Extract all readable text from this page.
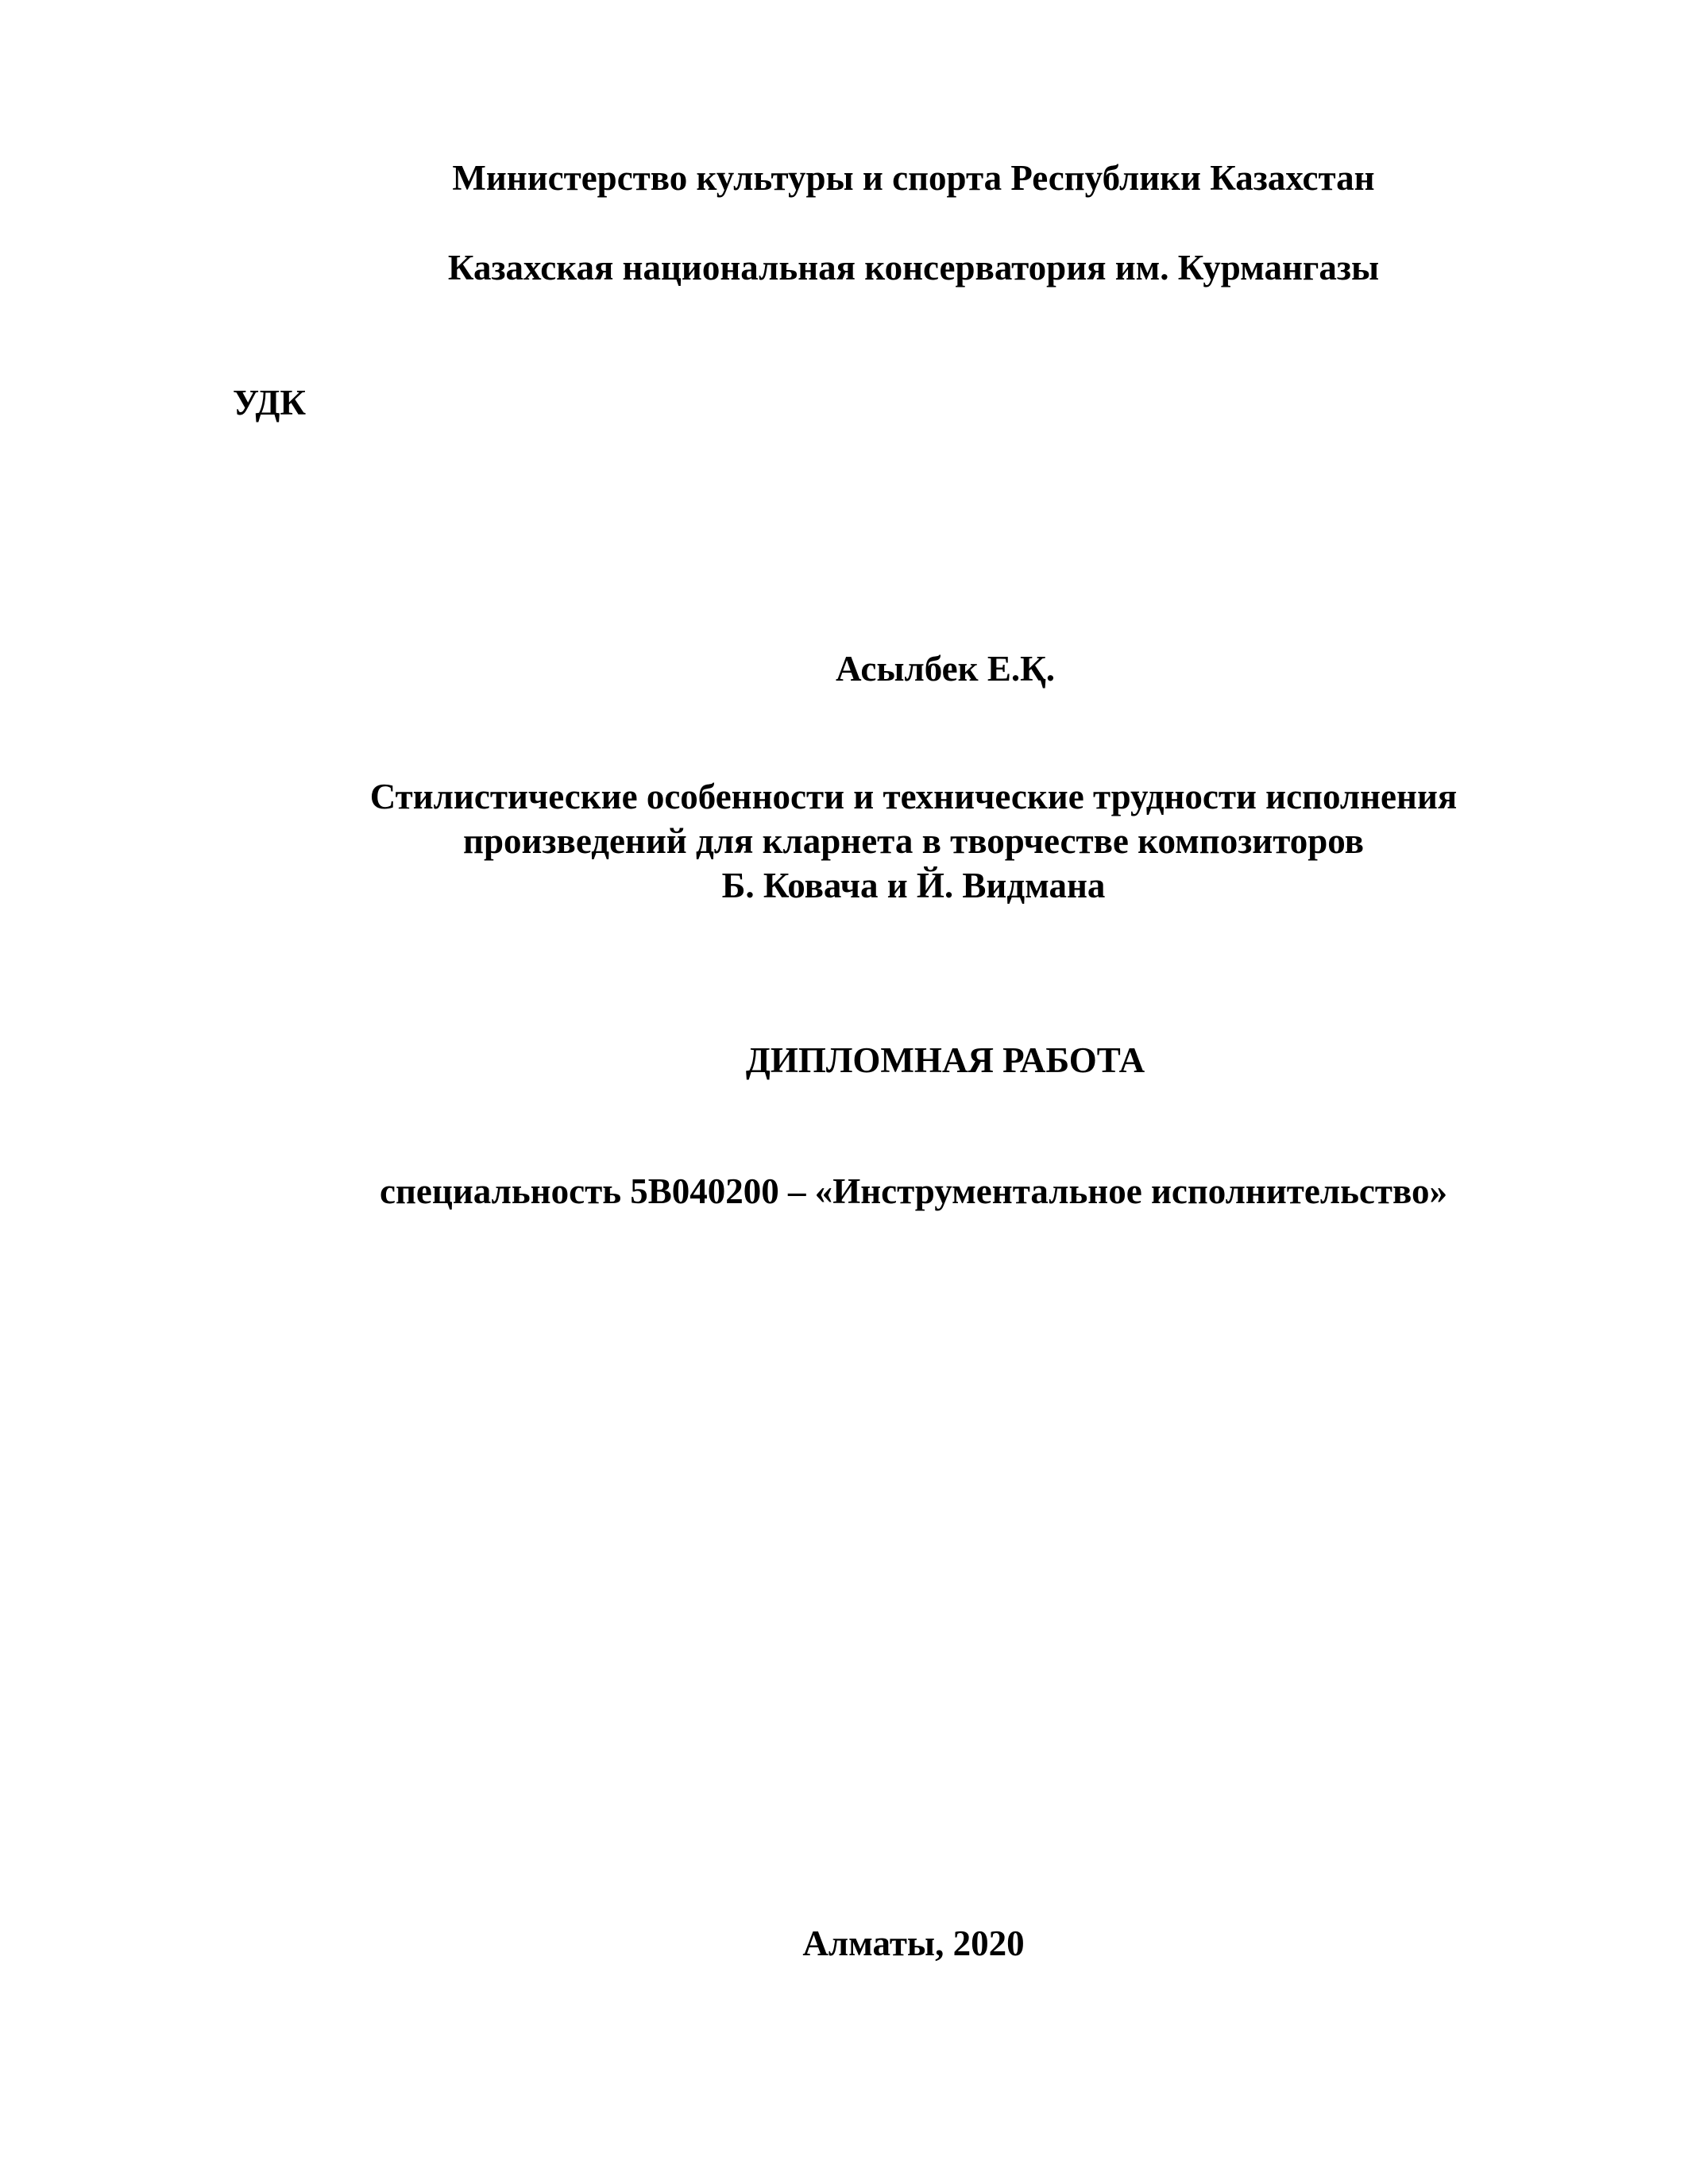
Министерство культуры и спорта Республики Казахстан
Казахская национальная консерватория им. Курмангазы
УДК
Асылбек Е.Қ.
Стилистические особенности и технические трудности исполнения
произведений для кларнета в творчестве композиторов
Б. Ковача и Й. Видмана
ДИПЛОМНАЯ РАБОТА
специальность 5В040200 – «Инструментальное исполнительство»
Алматы, 2020
